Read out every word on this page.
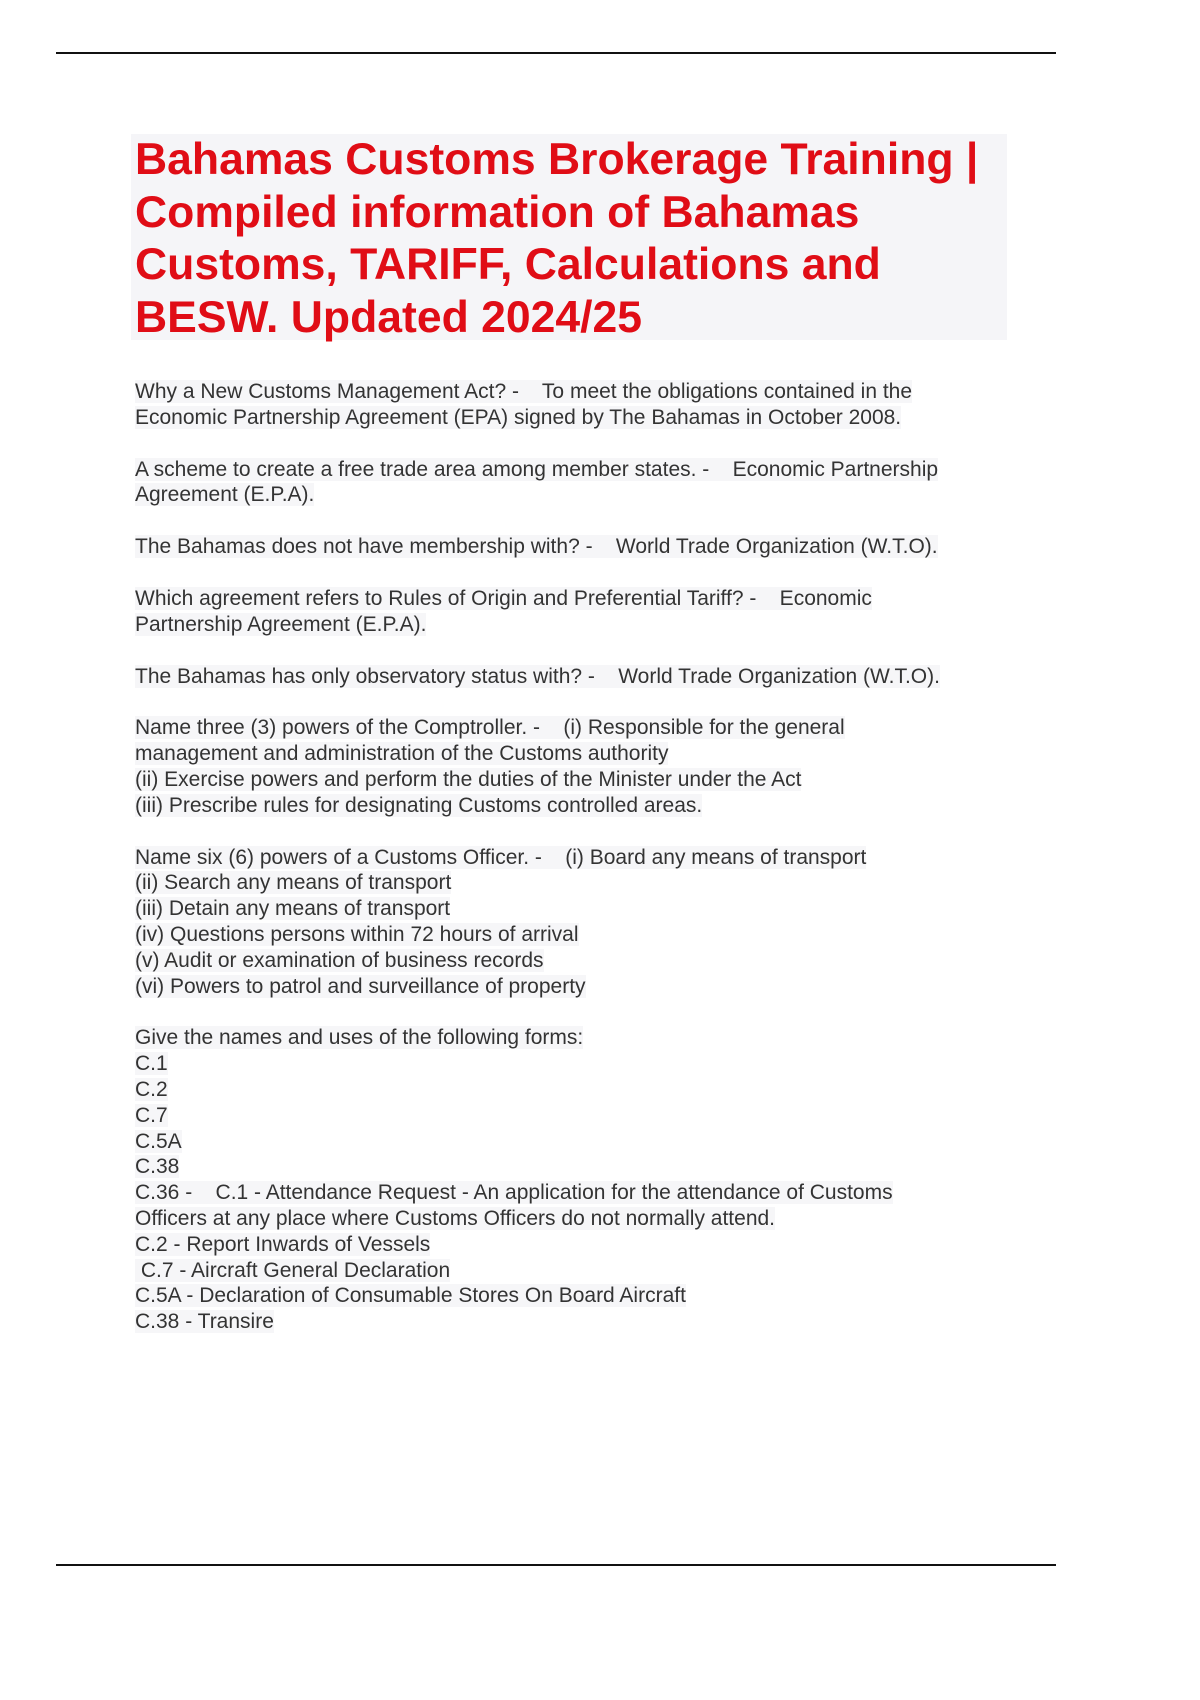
Bahamas Customs Brokerage Training |
Compiled information of Bahamas
Customs, TARIFF, Calculations and
BESW. Updated 2024/25
Why a New Customs Management Act? -    To meet the obligations contained in the
Economic Partnership Agreement (EPA) signed by The Bahamas in October 2008.
A scheme to create a free trade area among member states. -    Economic Partnership
Agreement (E.P.A).
The Bahamas does not have membership with? -    World Trade Organization (W.T.O).
Which agreement refers to Rules of Origin and Preferential Tariff? -    Economic
Partnership Agreement (E.P.A).
The Bahamas has only observatory status with? -    World Trade Organization (W.T.O).
Name three (3) powers of the Comptroller. -    (i) Responsible for the general
management and administration of the Customs authority
(ii) Exercise powers and perform the duties of the Minister under the Act
(iii) Prescribe rules for designating Customs controlled areas.
Name six (6) powers of a Customs Officer. -    (i) Board any means of transport
(ii) Search any means of transport
(iii) Detain any means of transport
(iv) Questions persons within 72 hours of arrival
(v) Audit or examination of business records
(vi) Powers to patrol and surveillance of property
Give the names and uses of the following forms:
C.1
C.2
C.7
C.5A
C.38
C.36 -    C.1 - Attendance Request - An application for the attendance of Customs
Officers at any place where Customs Officers do not normally attend.
C.2 - Report Inwards of Vessels
C.7 - Aircraft General Declaration
C.5A - Declaration of Consumable Stores On Board Aircraft
C.38 - Transire
